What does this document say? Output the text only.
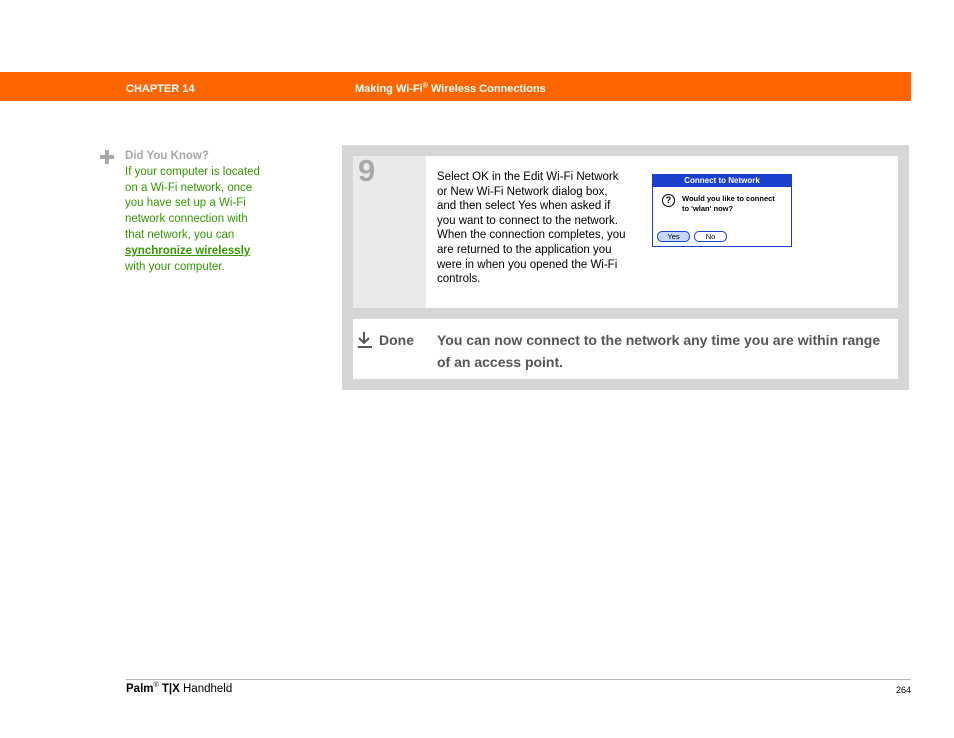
CHAPTER 14	Making Wi-Fi® Wireless Connections
Did You Know?
If your computer is located on a Wi-Fi network, once you have set up a Wi-Fi network connection with that network, you can synchronize wirelessly with your computer.
9	Select OK in the Edit Wi-Fi Network or New Wi-Fi Network dialog box, and then select Yes when asked if you want to connect to the network. When the connection completes, you are returned to the application you were in when you opened the Wi-Fi controls.
Connect to Network
?	Would you like to connect to 'wlan' now?
Yes	No
Done You can now connect to the network any time you are within range of an access point.
Palm® T|X Handheld	264
